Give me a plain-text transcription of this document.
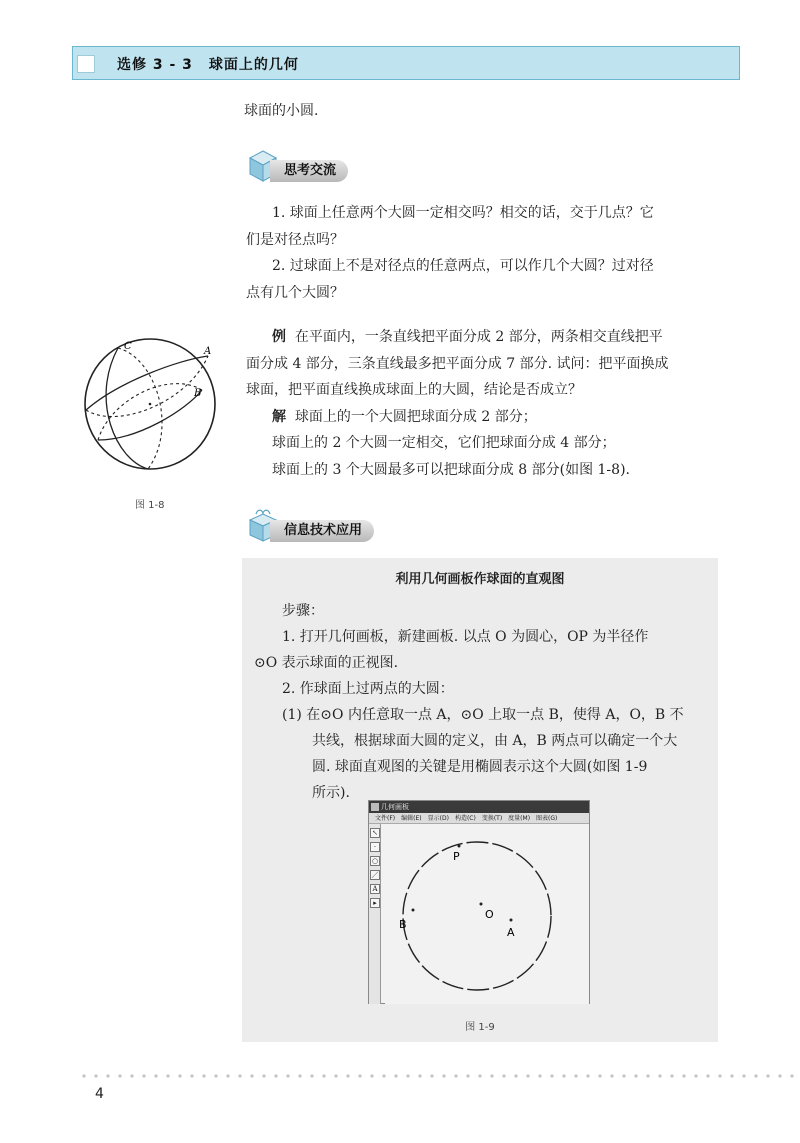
选修 3 - 3 球面上的几何
球面的小圆.
思考交流
1. 球面上任意两个大圆一定相交吗？相交的话，交于几点？它
们是对径点吗？
2. 过球面上不是对径点的任意两点，可以作几个大圆？过对径
点有几个大圆？
C	A
B
图 1-8
例 在平面内，一条直线把平面分成 2 部分，两条相交直线把平
面分成 4 部分，三条直线最多把平面分成 7 部分. 试问：把平面换成
球面，把平面直线换成球面上的大圆，结论是否成立？
解 球面上的一个大圆把球面分成 2 部分；
球面上的 2 个大圆一定相交，它们把球面分成 4 部分；
球面上的 3 个大圆最多可以把球面分成 8 部分(如图 1-8).
信息技术应用
利用几何画板作球面的直观图
步骤：
1. 打开几何画板，新建画板. 以点 O 为圆心，OP 为半径作
⊙O 表示球面的正视图.
2. 作球面上过两点的大圆：
(1) 在⊙O 内任意取一点 A，⊙O 上取一点 B，使得 A，O，B 不
共线，根据球面大圆的定义，由 A，B 两点可以确定一个大
圆. 球面直观图的关键是用椭圆表示这个大圆(如图 1-9
所示).
几何画板
文件(F) 编辑(E) 显示(D) 构造(C) 变换(T) 度量(M) 图表(G)
↖
·
○
／
A
▸
P
O
A
B
图 1-9
4
